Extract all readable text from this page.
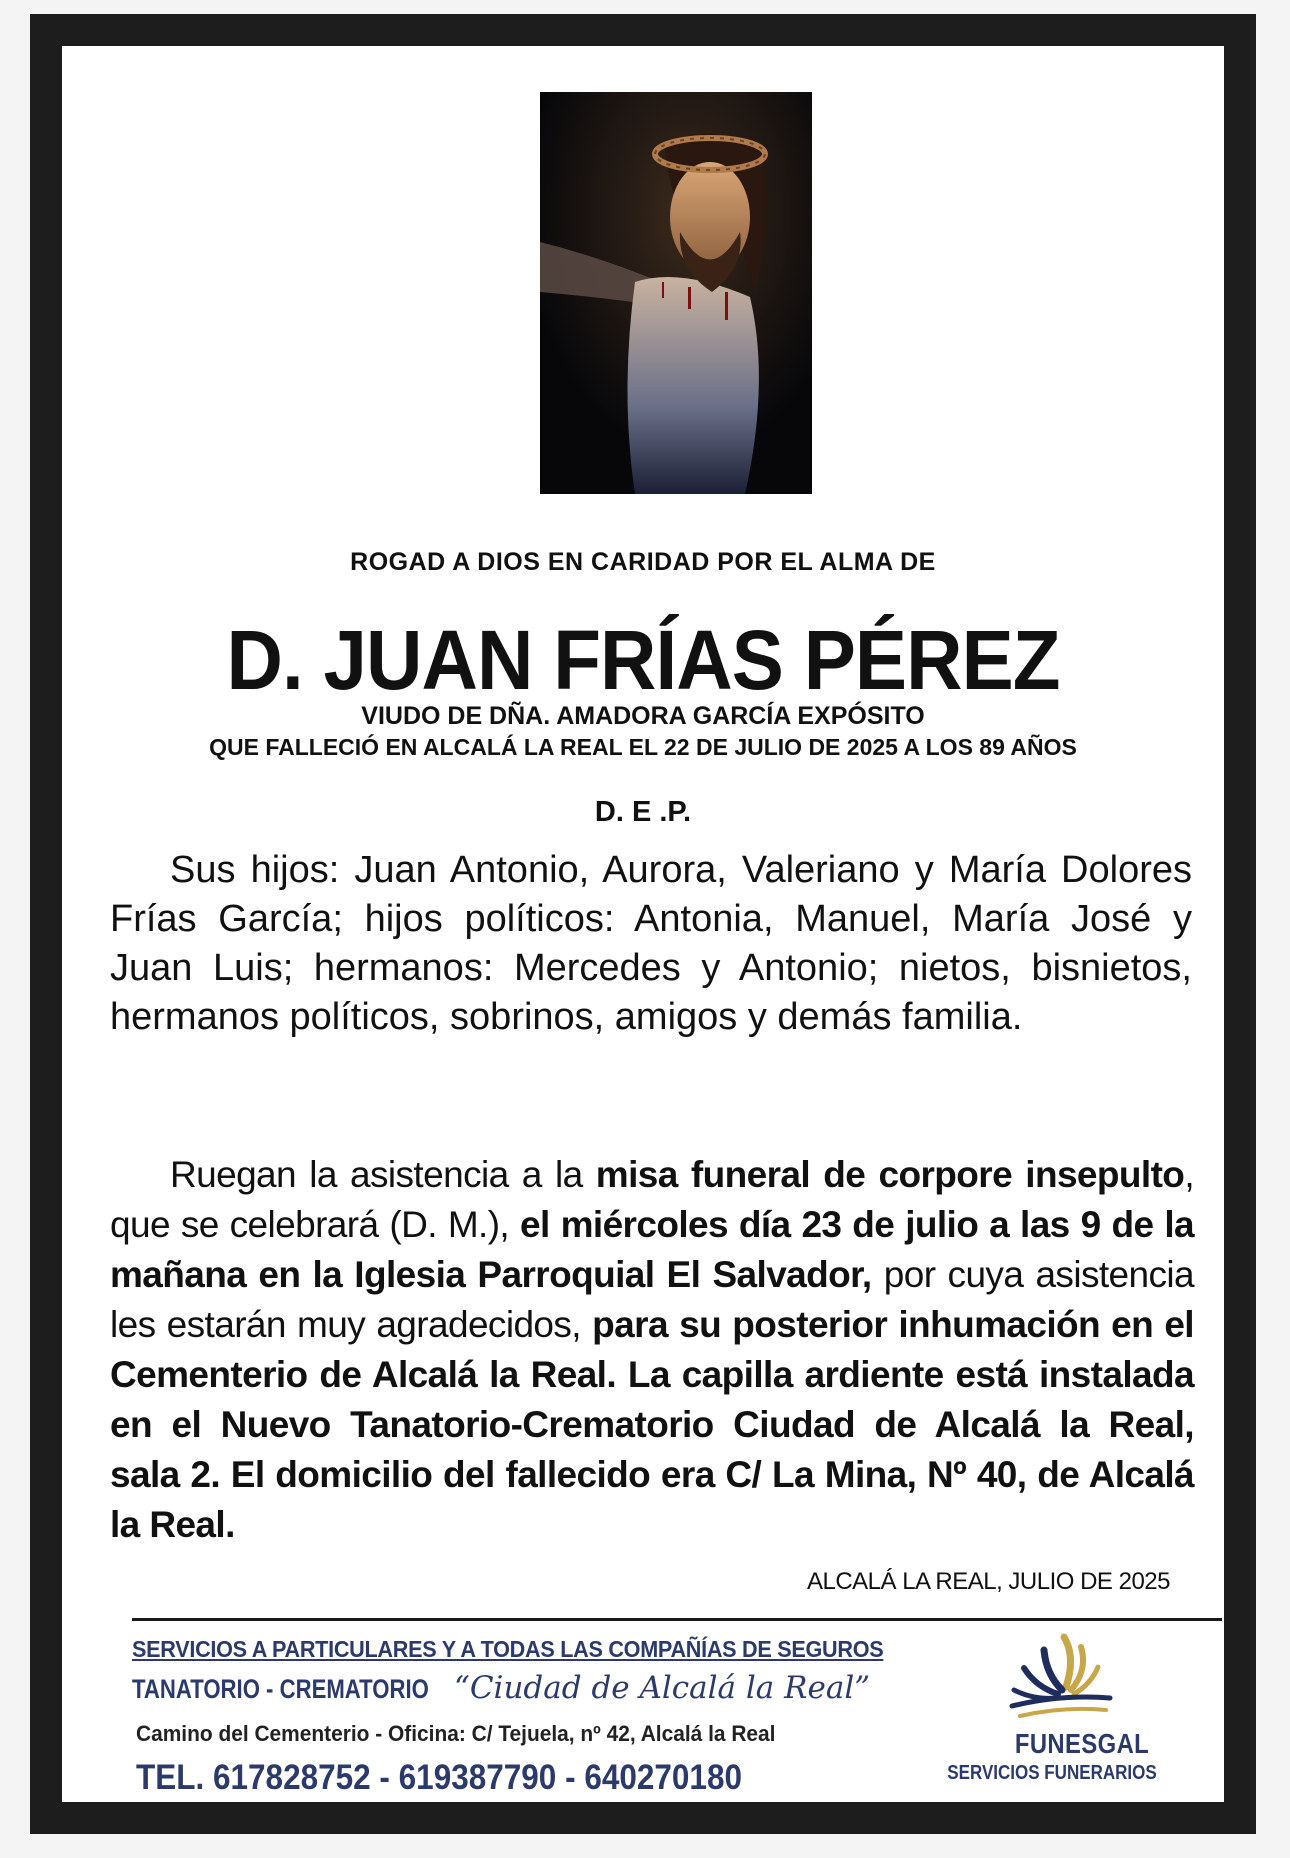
ROGAD A DIOS EN CARIDAD POR EL ALMA DE
D. JUAN FRÍAS PÉREZ
VIUDO DE DÑA. AMADORA GARCÍA EXPÓSITO
QUE FALLECIÓ EN ALCALÁ LA REAL EL 22 DE JULIO DE 2025 A LOS 89 AÑOS
D. E .P.
Sus hijos: Juan Antonio, Aurora, Valeriano y María Dolores Frías García; hijos políticos: Antonia, Manuel, María José y Juan Luis; hermanos: Mercedes y Antonio; nietos, bisnietos, hermanos políticos, sobrinos, amigos y demás familia.
Ruegan la asistencia a la misa funeral de corpore insepulto, que se celebrará (D. M.), el miércoles día 23 de julio a las 9 de la mañana en la Iglesia Parroquial El Salvador, por cuya asistencia les estarán muy agradecidos, para su posterior inhumación en el Cementerio de Alcalá la Real. La capilla ardiente está instalada en el Nuevo Tanatorio-Crematorio Ciudad de Alcalá la Real, sala 2. El domicilio del fallecido era C/ La Mina, Nº 40, de Alcalá la Real.
ALCALÁ LA REAL, JULIO DE 2025
SERVICIOS A PARTICULARES Y A TODAS LAS COMPAÑÍAS DE SEGUROS
TANATORIO - CREMATORIO “Ciudad de Alcalá la Real”
Camino del Cementerio - Oficina: C/ Tejuela, nº 42, Alcalá la Real
TEL. 617828752 - 619387790 - 640270180
FUNESGAL
SERVICIOS FUNERARIOS
